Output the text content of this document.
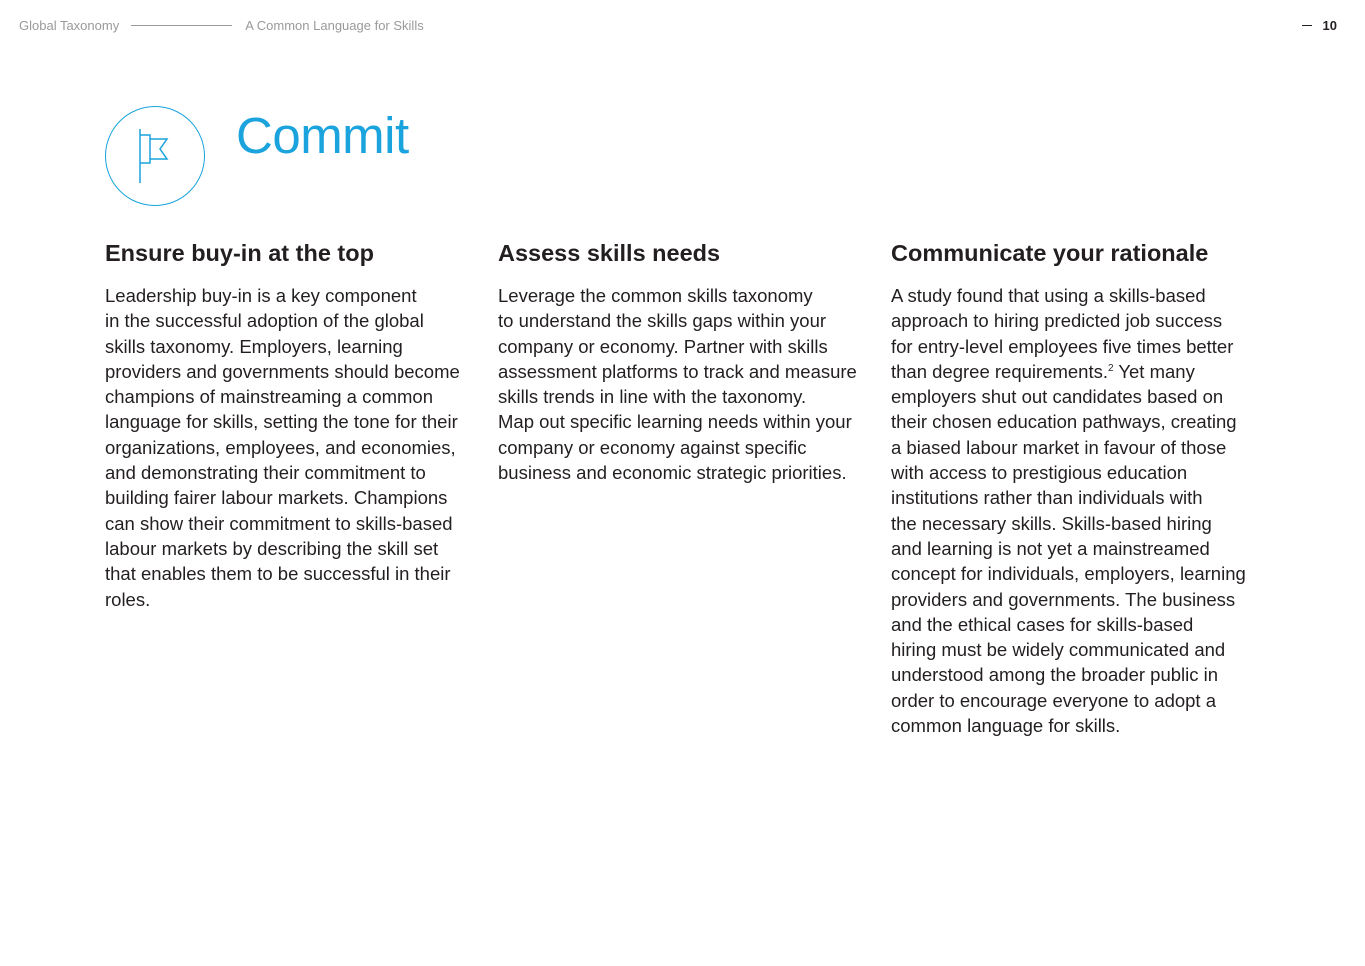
Global Taxonomy	A Common Language for Skills	10
Commit
Ensure buy-in at the top

Leadership buy-in is a key component
in the successful adoption of the global
skills taxonomy. Employers, learning
providers and governments should become
champions of mainstreaming a common
language for skills, setting the tone for their
organizations, employees, and economies,
and demonstrating their commitment to
building fairer labour markets. Champions
can show their commitment to skills-based
labour markets by describing the skill set
that enables them to be successful in their
roles.

Assess skills needs

Leverage the common skills taxonomy
to understand the skills gaps within your
company or economy. Partner with skills
assessment platforms to track and measure
skills trends in line with the taxonomy.
Map out specific learning needs within your
company or economy against specific
business and economic strategic priorities.

Communicate your rationale

A study found that using a skills-based
approach to hiring predicted job success
for entry-level employees five times better
than degree requirements.$^2$ Yet many
employers shut out candidates based on
their chosen education pathways, creating
a biased labour market in favour of those
with access to prestigious education
institutions rather than individuals with
the necessary skills. Skills-based hiring
and learning is not yet a mainstreamed
concept for individuals, employers, learning
providers and governments. The business
and the ethical cases for skills-based
hiring must be widely communicated and
understood among the broader public in
order to encourage everyone to adopt a
common language for skills.
